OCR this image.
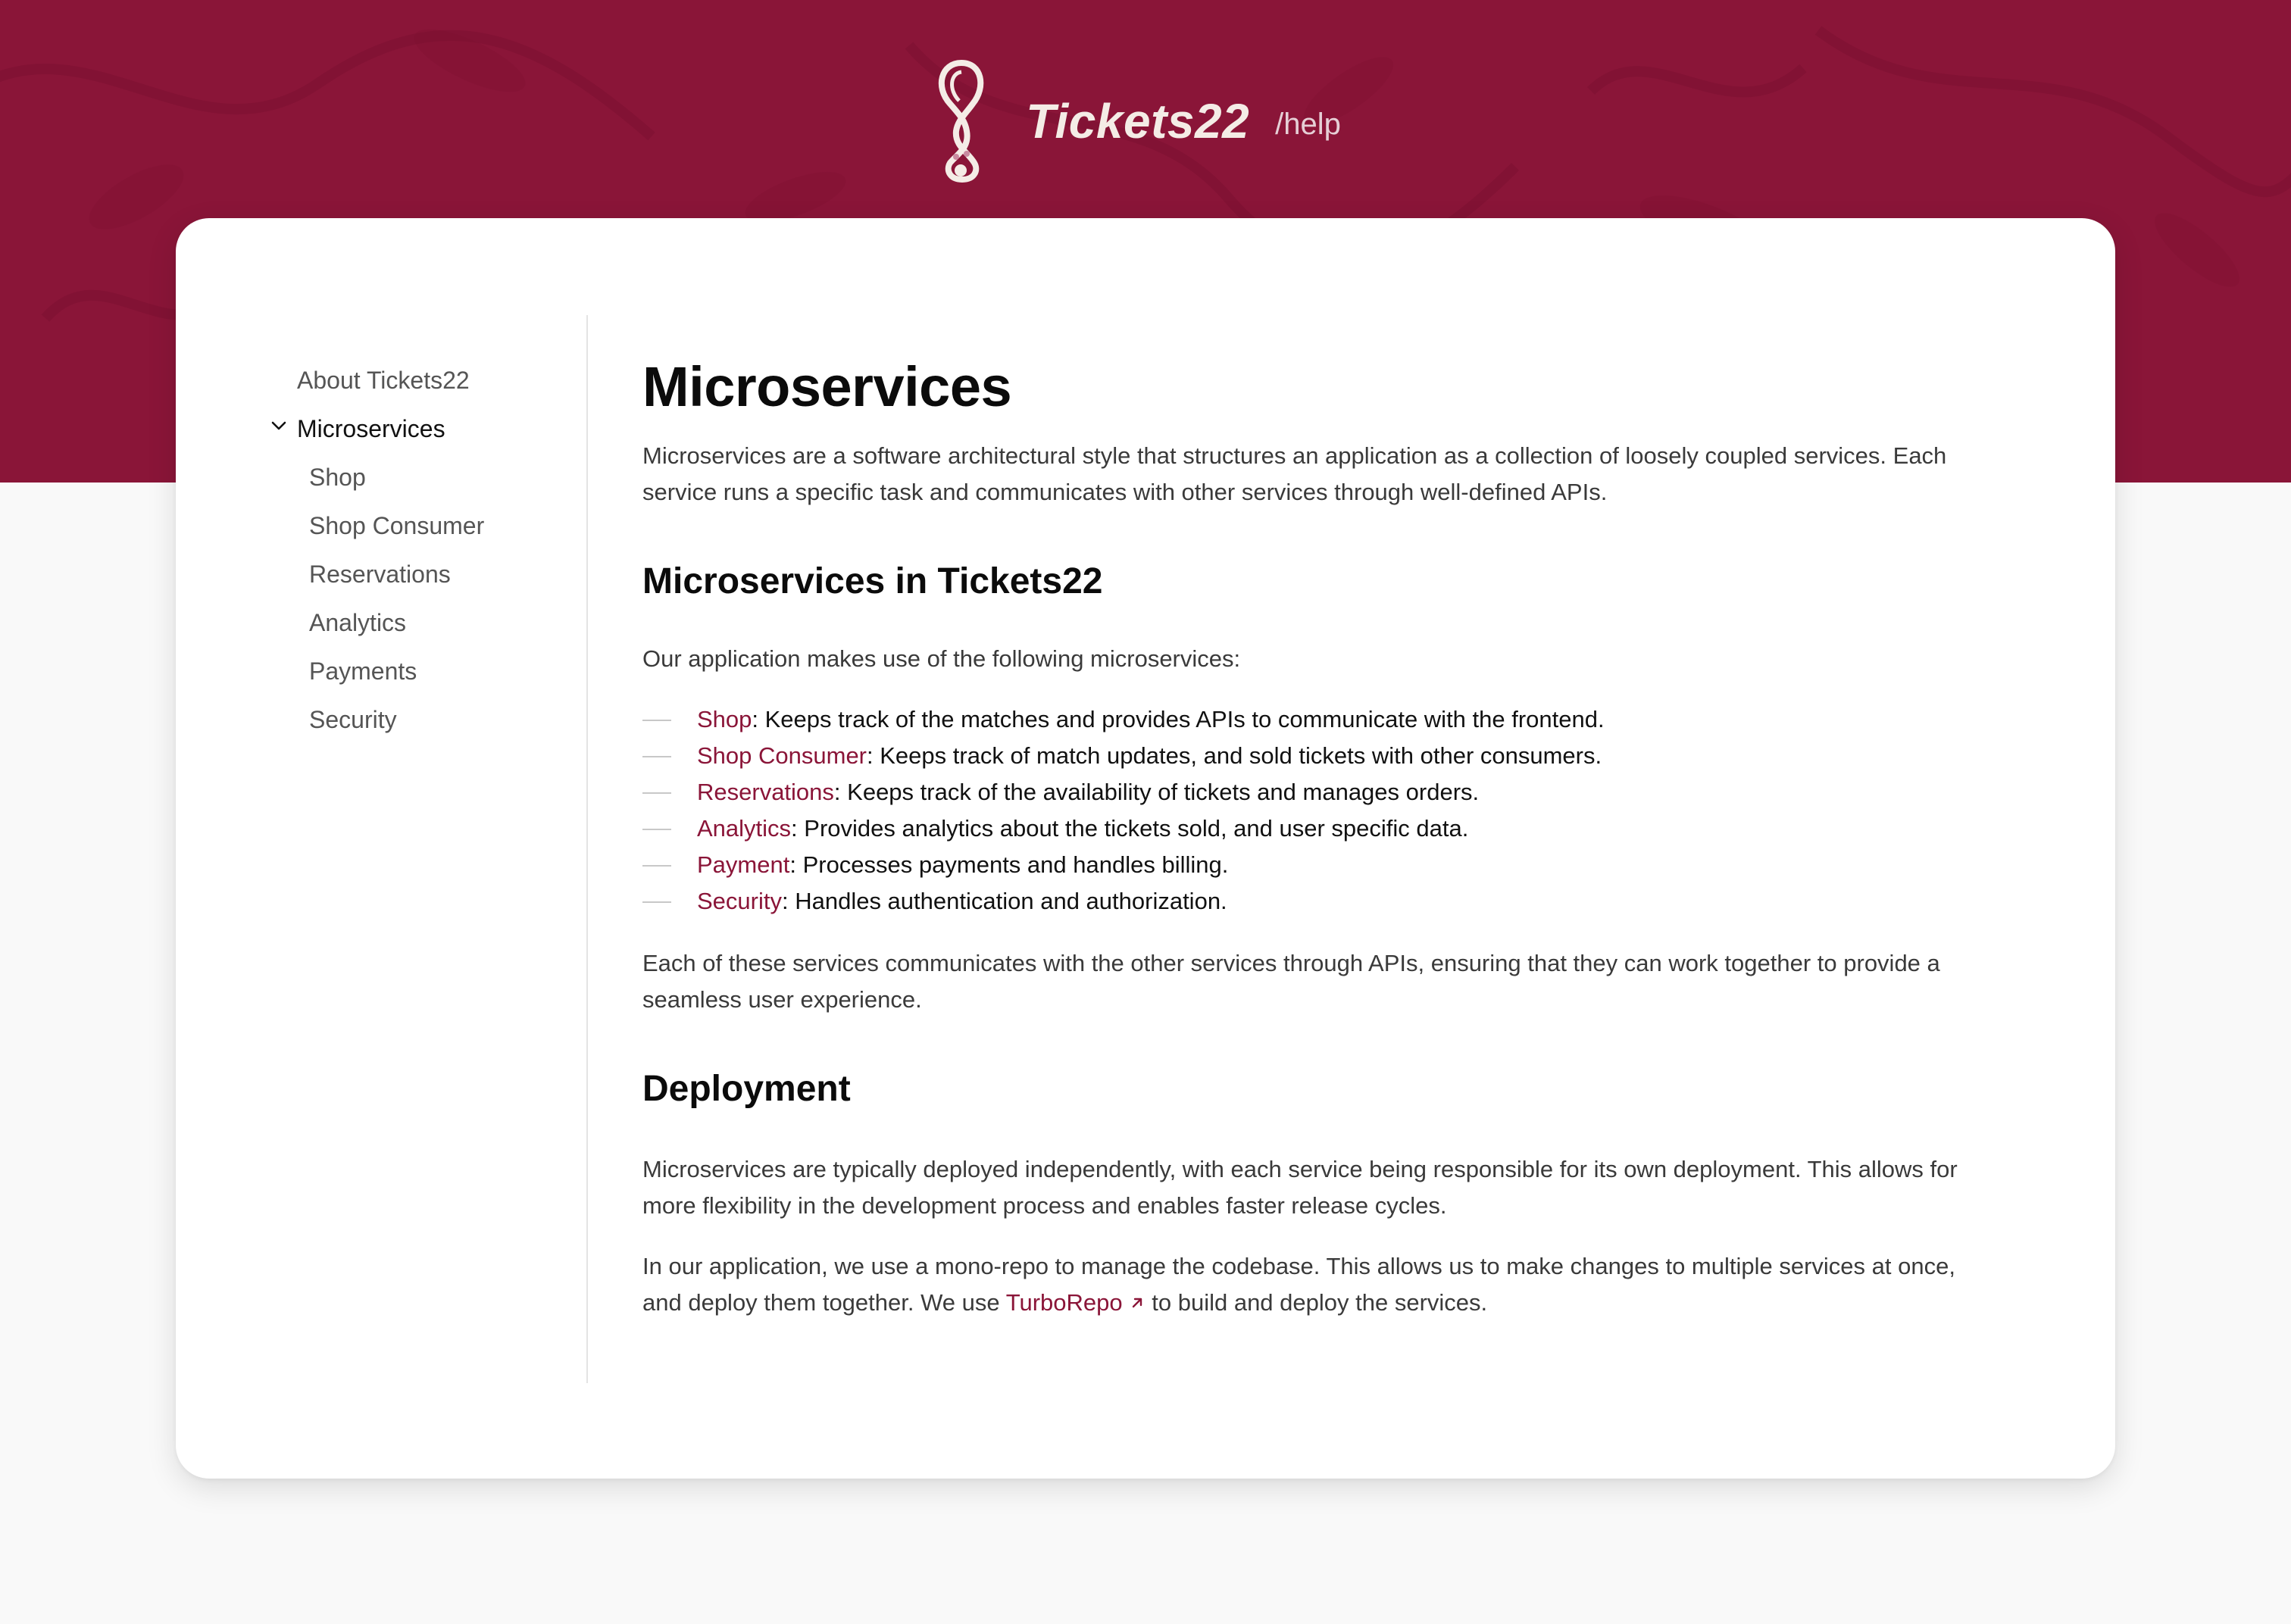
Tickets22 /help
About Tickets22
Microservices
Shop
Shop Consumer
Reservations
Analytics
Payments
Security
Microservices

Microservices are a software architectural style that structures an application as a collection of loosely coupled services. Each service runs a specific task and communicates with other services through well-defined APIs.

Microservices in Tickets22

Our application makes use of the following microservices:

Shop: Keeps track of the matches and provides APIs to communicate with the frontend.
Shop Consumer: Keeps track of match updates, and sold tickets with other consumers.
Reservations: Keeps track of the availability of tickets and manages orders.
Analytics: Provides analytics about the tickets sold, and user specific data.
Payment: Processes payments and handles billing.
Security: Handles authentication and authorization.

Each of these services communicates with the other services through APIs, ensuring that they can work together to provide a seamless user experience.

Deployment

Microservices are typically deployed independently, with each service being responsible for its own deployment. This allows for more flexibility in the development process and enables faster release cycles.

In our application, we use a mono-repo to manage the codebase. This allows us to make changes to multiple services at once, and deploy them together. We use TurboRepo to build and deploy the services.
